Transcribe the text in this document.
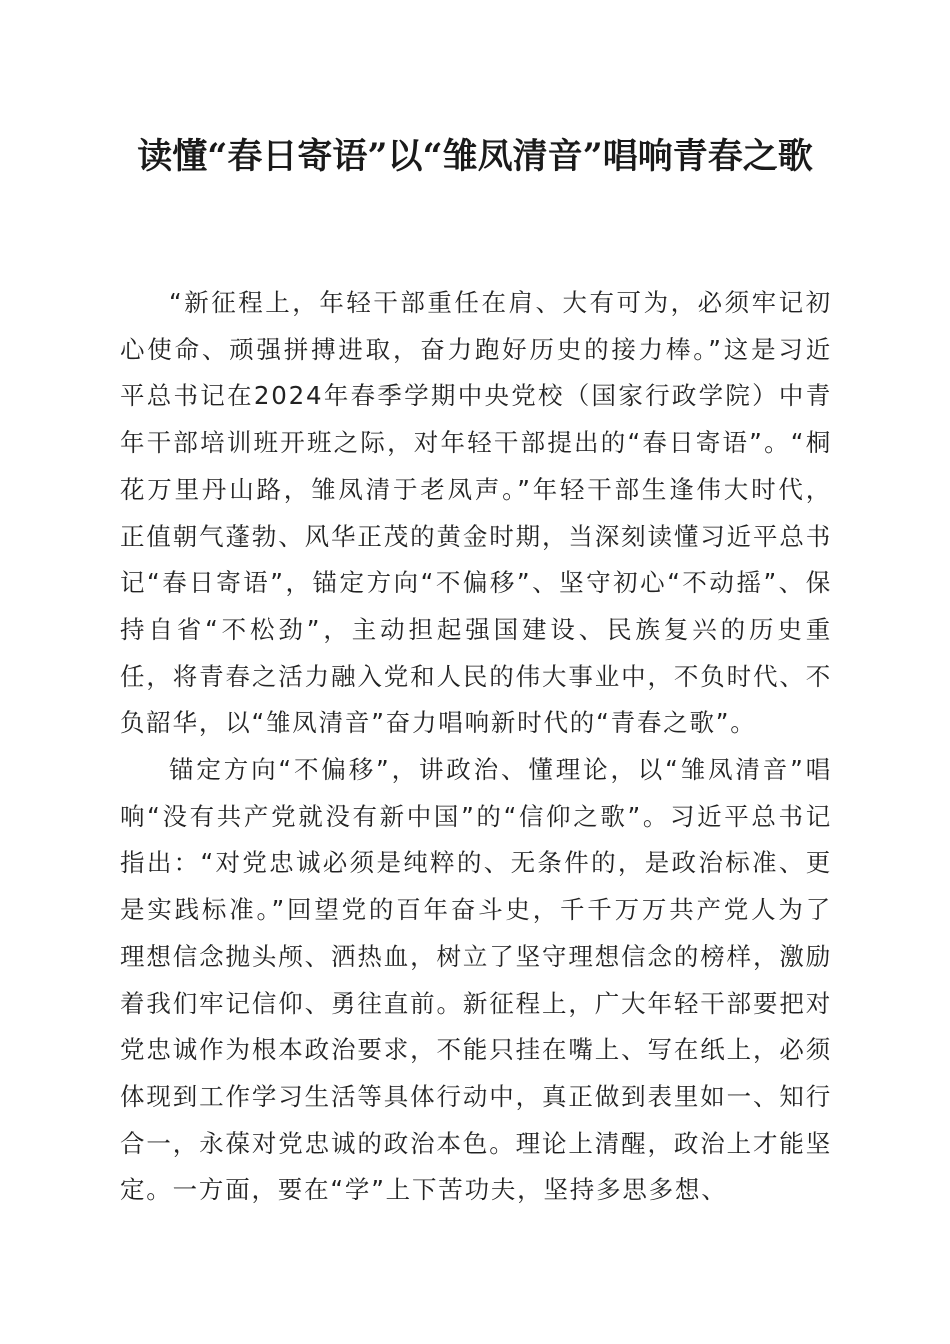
读懂“春日寄语”以“雏凤清音”唱响青春之歌

“新征程上，年轻干部重任在肩、大有可为，必须牢记初心使命、顽强拼搏进取，奋力跑好历史的接力棒。”这是习近平总书记在2024年春季学期中央党校（国家行政学院）中青年干部培训班开班之际，对年轻干部提出的“春日寄语”。“桐花万里丹山路，雏凤清于老凤声。”年轻干部生逢伟大时代，正值朝气蓬勃、风华正茂的黄金时期，当深刻读懂习近平总书记“春日寄语”，锚定方向“不偏移”、坚守初心“不动摇”、保持自省“不松劲”，主动担起强国建设、民族复兴的历史重任，将青春之活力融入党和人民的伟大事业中，不负时代、不负韶华，以“雏凤清音”奋力唱响新时代的“青春之歌”。

锚定方向“不偏移”，讲政治、懂理论，以“雏凤清音”唱响“没有共产党就没有新中国”的“信仰之歌”。习近平总书记指出：“对党忠诚必须是纯粹的、无条件的，是政治标准、更是实践标准。”回望党的百年奋斗史，千千万万共产党人为了理想信念抛头颅、洒热血，树立了坚守理想信念的榜样，激励着我们牢记信仰、勇往直前。新征程上，广大年轻干部要把对党忠诚作为根本政治要求，不能只挂在嘴上、写在纸上，必须体现到工作学习生活等具体行动中，真正做到表里如一、知行合一，永葆对党忠诚的政治本色。理论上清醒，政治上才能坚定。一方面，要在“学”上下苦功夫，坚持多思多想、
